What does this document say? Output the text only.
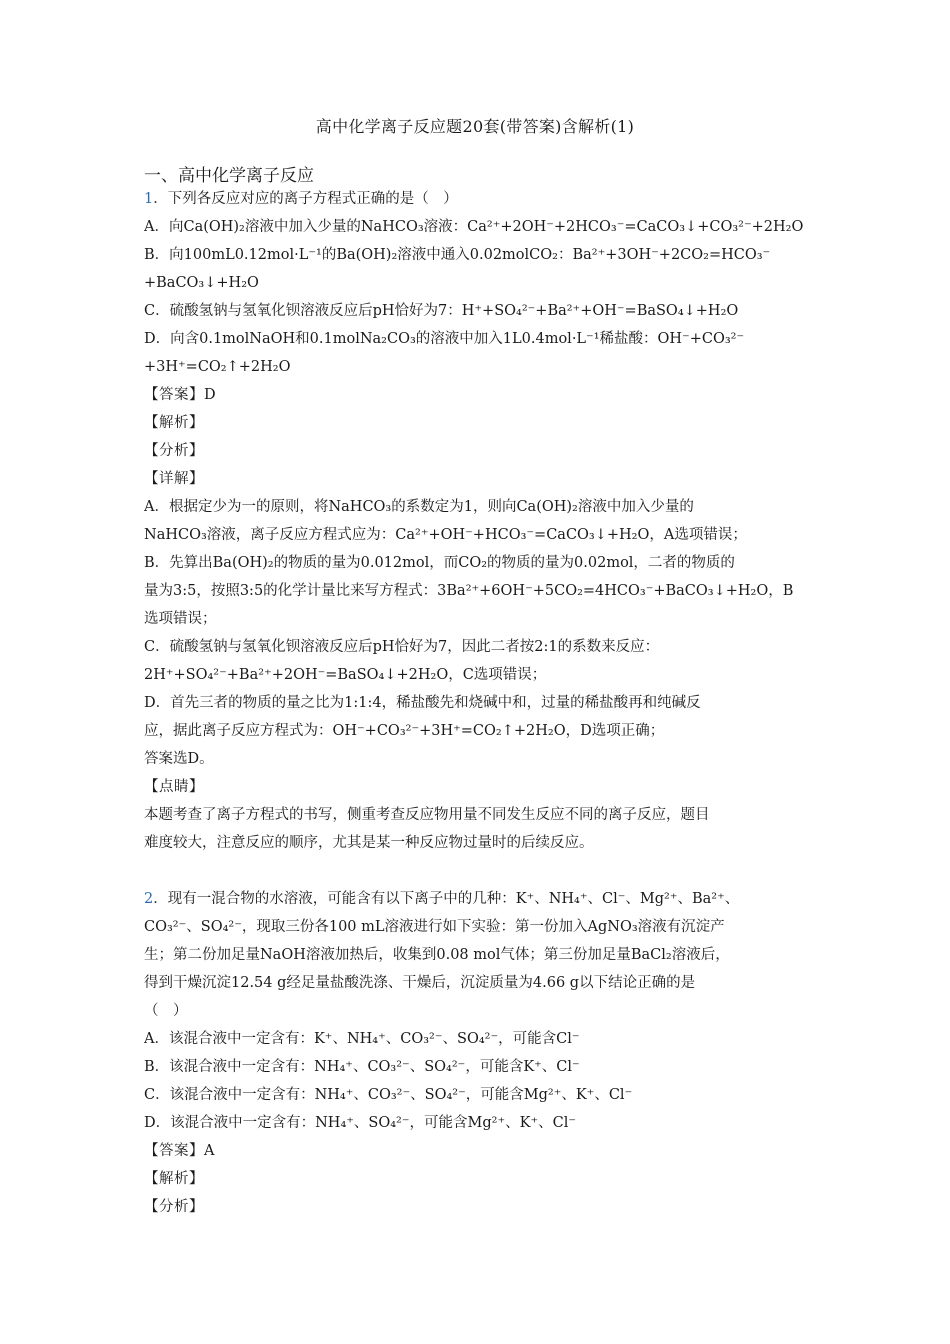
高中化学离子反应题20套(带答案)含解析(1)
一、高中化学离子反应
1．下列各反应对应的离子方程式正确的是（　）
A．向Ca(OH)₂溶液中加入少量的NaHCO₃溶液：Ca²⁺+2OH⁻+2HCO₃⁻=CaCO₃↓+CO₃²⁻+2H₂O
B．向100mL0.12mol·L⁻¹的Ba(OH)₂溶液中通入0.02molCO₂：Ba²⁺+3OH⁻+2CO₂=HCO₃⁻
+BaCO₃↓+H₂O
C．硫酸氢钠与氢氧化钡溶液反应后pH恰好为7：H⁺+SO₄²⁻+Ba²⁺+OH⁻=BaSO₄↓+H₂O
D．向含0.1molNaOH和0.1molNa₂CO₃的溶液中加入1L0.4mol·L⁻¹稀盐酸：OH⁻+CO₃²⁻
+3H⁺=CO₂↑+2H₂O
【答案】D
【解析】
【分析】
【详解】
A．根据定少为一的原则，将NaHCO₃的系数定为1，则向Ca(OH)₂溶液中加入少量的
NaHCO₃溶液，离子反应方程式应为：Ca²⁺+OH⁻+HCO₃⁻=CaCO₃↓+H₂O，A选项错误；
B．先算出Ba(OH)₂的物质的量为0.012mol，而CO₂的物质的量为0.02mol，二者的物质的
量为3:5，按照3:5的化学计量比来写方程式：3Ba²⁺+6OH⁻+5CO₂=4HCO₃⁻+BaCO₃↓+H₂O，B
选项错误；
C．硫酸氢钠与氢氧化钡溶液反应后pH恰好为7，因此二者按2:1的系数来反应：
2H⁺+SO₄²⁻+Ba²⁺+2OH⁻=BaSO₄↓+2H₂O，C选项错误；
D．首先三者的物质的量之比为1:1:4，稀盐酸先和烧碱中和，过量的稀盐酸再和纯碱反
应，据此离子反应方程式为：OH⁻+CO₃²⁻+3H⁺=CO₂↑+2H₂O，D选项正确；
答案选D。
【点睛】
本题考查了离子方程式的书写，侧重考查反应物用量不同发生反应不同的离子反应，题目
难度较大，注意反应的顺序，尤其是某一种反应物过量时的后续反应。
2．现有一混合物的水溶液，可能含有以下离子中的几种：K⁺、NH₄⁺、Cl⁻、Mg²⁺、Ba²⁺、
CO₃²⁻、SO₄²⁻，现取三份各100 mL溶液进行如下实验：第一份加入AgNO₃溶液有沉淀产
生；第二份加足量NaOH溶液加热后，收集到0.08 mol气体；第三份加足量BaCl₂溶液后，
得到干燥沉淀12.54 g经足量盐酸洗涤、干燥后，沉淀质量为4.66 g以下结论正确的是
（　）
A．该混合液中一定含有：K⁺、NH₄⁺、CO₃²⁻、SO₄²⁻，可能含Cl⁻
B．该混合液中一定含有：NH₄⁺、CO₃²⁻、SO₄²⁻，可能含K⁺、Cl⁻
C．该混合液中一定含有：NH₄⁺、CO₃²⁻、SO₄²⁻，可能含Mg²⁺、K⁺、Cl⁻
D．该混合液中一定含有：NH₄⁺、SO₄²⁻，可能含Mg²⁺、K⁺、Cl⁻
【答案】A
【解析】
【分析】
